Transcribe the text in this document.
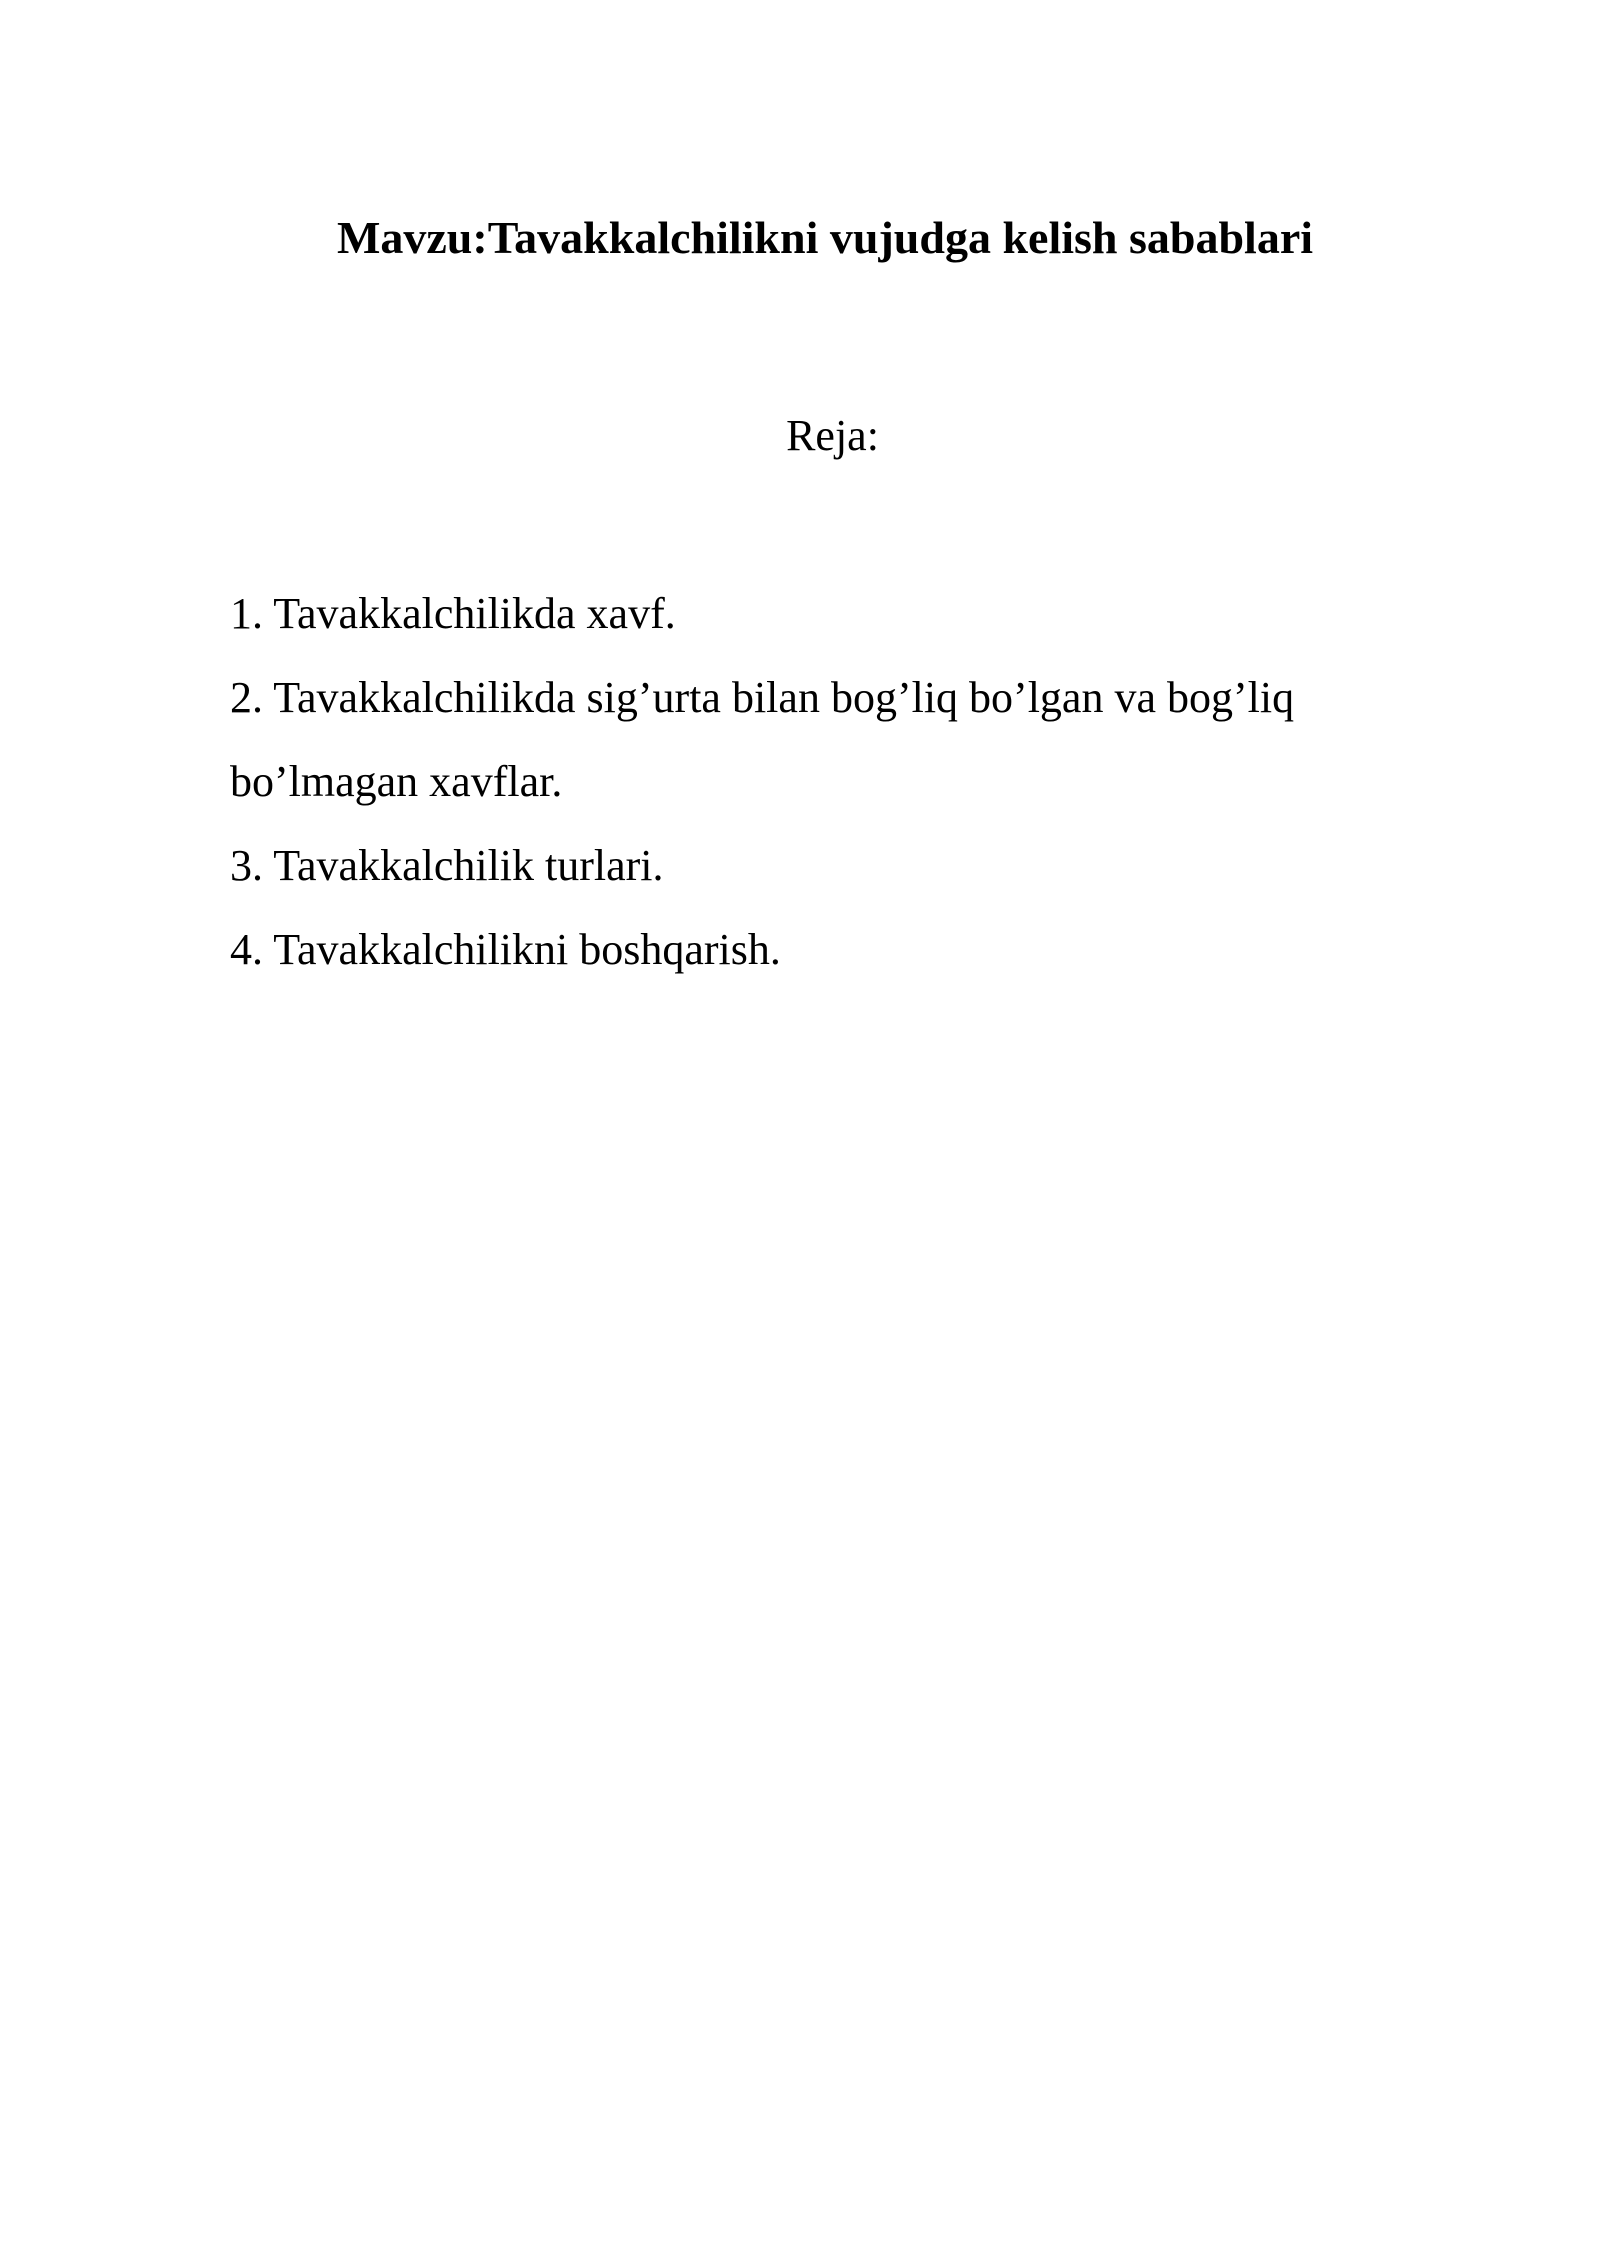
Mavzu:Tavakkalchilikni vujudga kelish sabablari
Reja:
1. Tavakkalchilikda xavf.
2. Tavakkalchilikda sig’urta bilan bog’liq bo’lgan va bog’liq bo’lmagan xavflar.
3. Tavakkalchilik turlari.
4. Tavakkalchilikni boshqarish.
